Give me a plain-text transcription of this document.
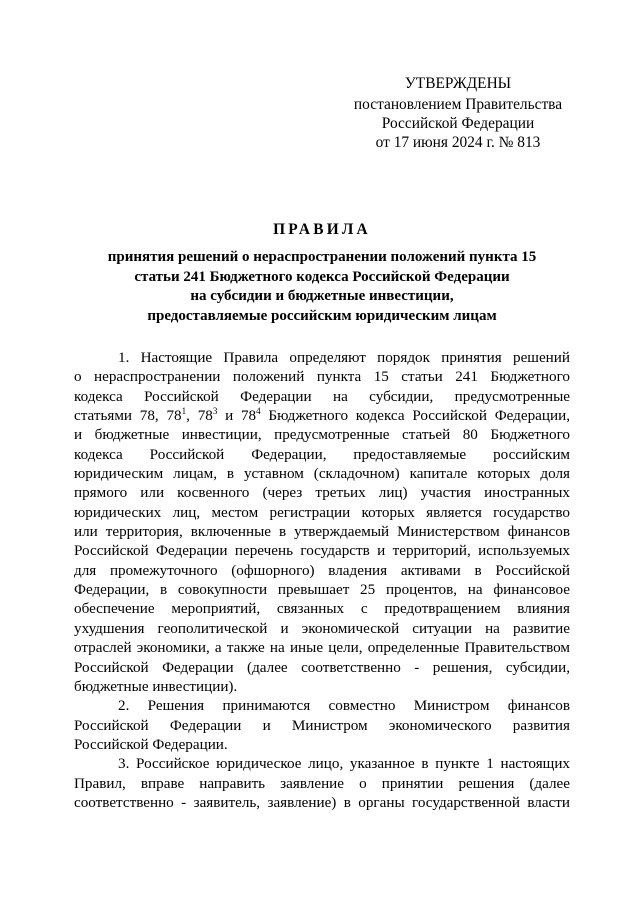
УТВЕРЖДЕНЫ
постановлением Правительства
Российской Федерации
от 17 июня 2024 г. № 813
ПРАВИЛА
принятия решений о нераспространении положений пункта 15
статьи 241 Бюджетного кодекса Российской Федерации
на субсидии и бюджетные инвестиции,
предоставляемые российским юридическим лицам
1. Настоящие Правила определяют порядок принятия решений
о нераспространении положений пункта 15 статьи 241 Бюджетного
кодекса Российской Федерации на субсидии, предусмотренные
статьями 78, $78^1$, $78^3$ и $78^4$ Бюджетного кодекса Российской Федерации,
и бюджетные инвестиции, предусмотренные статьей 80 Бюджетного
кодекса Российской Федерации, предоставляемые российским
юридическим лицам, в уставном (складочном) капитале которых доля
прямого или косвенного (через третьих лиц) участия иностранных
юридических лиц, местом регистрации которых является государство
или территория, включенные в утверждаемый Министерством финансов
Российской Федерации перечень государств и территорий, используемых
для промежуточного (офшорного) владения активами в Российской
Федерации, в совокупности превышает 25 процентов, на финансовое
обеспечение мероприятий, связанных с предотвращением влияния
ухудшения геополитической и экономической ситуации на развитие
отраслей экономики, а также на иные цели, определенные Правительством
Российской Федерации (далее соответственно - решения, субсидии,
бюджетные инвестиции).
2. Решения принимаются совместно Министром финансов
Российской Федерации и Министром экономического развития
Российской Федерации.
3. Российское юридическое лицо, указанное в пункте 1 настоящих
Правил, вправе направить заявление о принятии решения (далее
соответственно - заявитель, заявление) в органы государственной власти
